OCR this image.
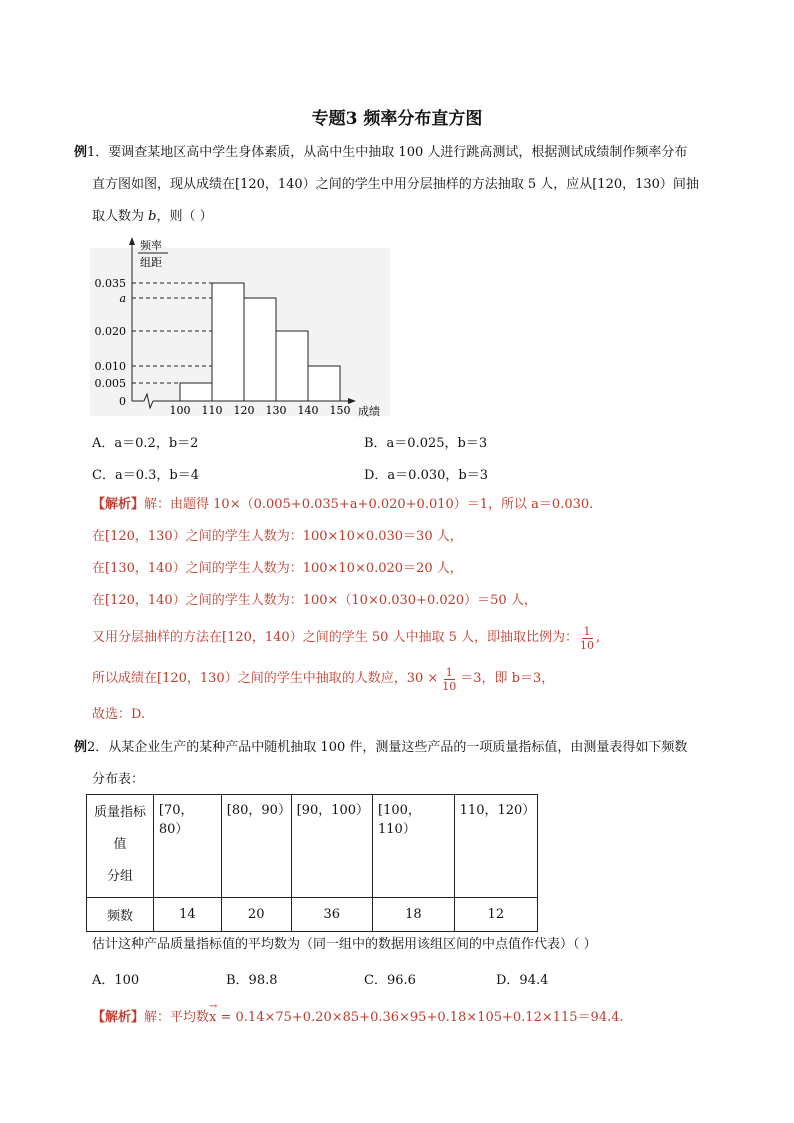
专题3 频率分布直方图
例1．要调查某地区高中学生身体素质，从高中生中抽取 100 人进行跳高测试，根据测试成绩制作频率分布
直方图如图，现从成绩在[120，140）之间的学生中用分层抽样的方法抽取 5 人，应从[120，130）间抽
取人数为 b，则（ ）
频率
组距
成绩
0.035
a
0.020
0.010
0.005
0
100 110 120 130 140 150
A．a＝0.2，b＝2	B．a＝0.025，b＝3
C．a＝0.3，b＝4	D．a＝0.030，b＝3
【解析】解：由题得 10×（0.005+0.035+a+0.020+0.010）＝1，所以 a＝0.030.
在[120，130）之间的学生人数为：100×10×0.030＝30 人，
在[130，140）之间的学生人数为：100×10×0.020＝20 人，
在[120，140）之间的学生人数为：100×（10×0.030+0.020）＝50 人，
又用分层抽样的方法在[120，140）之间的学生 50 人中抽取 5 人，即抽取比例为： $\frac{1}{10}$ ,
所以成绩在[120，130）之间的学生中抽取的人数应，$30 \times \frac{1}{10} =3$，即 b＝3，
故选：D.
例2．从某企业生产的某种产品中随机抽取 100 件，测量这些产品的一项质量指标值，由测量表得如下频数
分布表：
质量指标
值
分组	[70，80）	[80，90）	[90，100）	[100，110）	110，120）
频数	14	20	36	18	12
估计这种产品质量指标值的平均数为（同一组中的数据用该组区间的中点值作代表）（ ）
A．100	B．98.8	C．96.6	D．94.4
【解析】解：平均数
→
x = 0.14×75+0.20×85+0.36×95+0.18×105+0.12×115＝94.4.
